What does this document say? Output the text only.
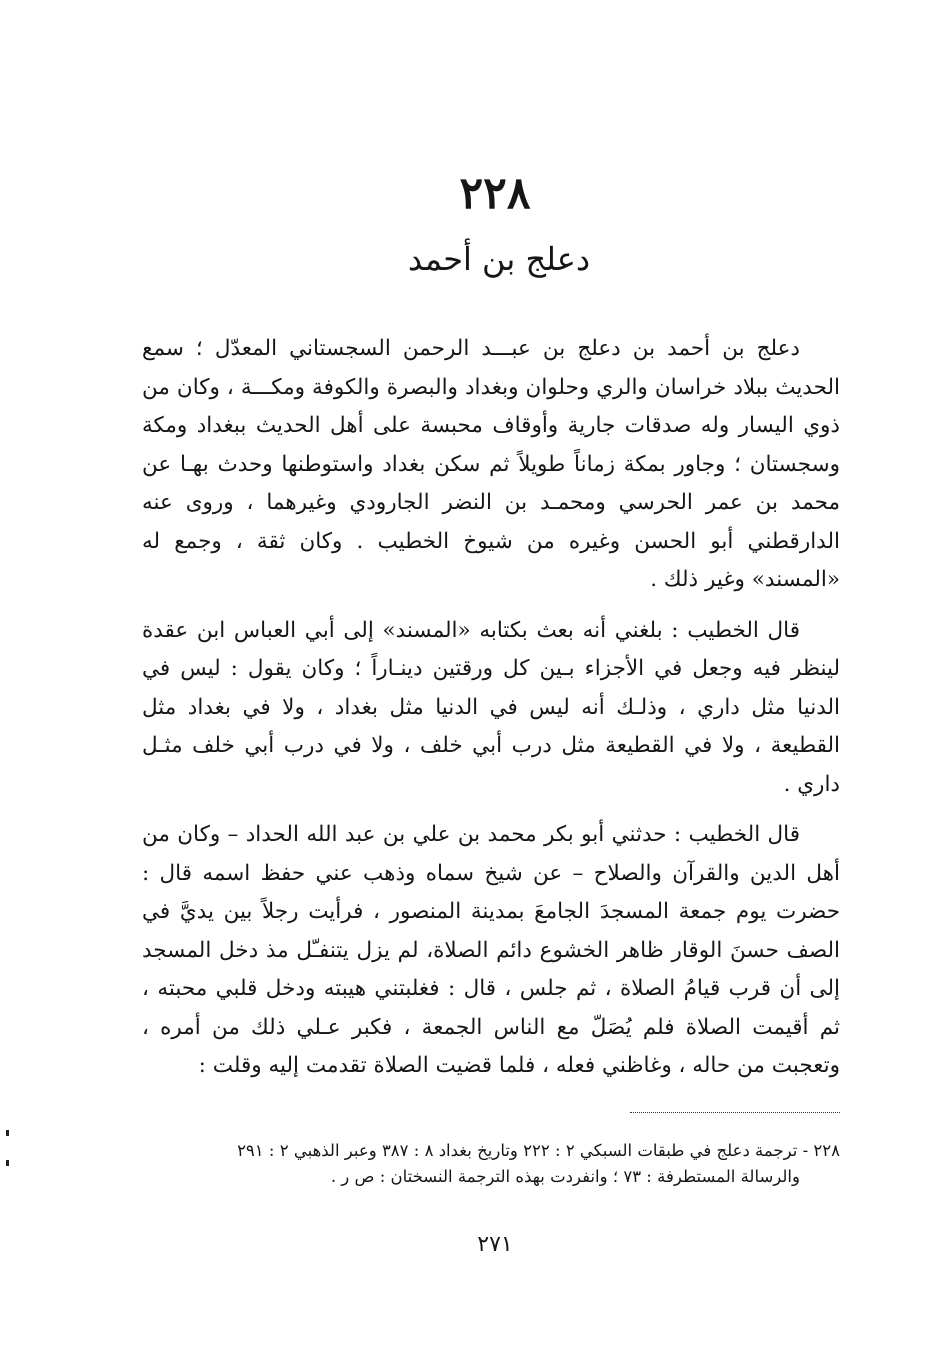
٢٢٨
دعلج بن أحمد

دعلج بن أحمد بن دعلج بن عبـــد الرحمن السجستاني المعدّل ؛ سمع الحديث ببلاد خراسان والري وحلوان وبغداد والبصرة والكوفة ومكـــة ، وكان من ذوي اليسار وله صدقات جارية وأوقاف محبسة على أهل الحديث ببغداد ومكة وسجستان ؛ وجاور بمكة زماناً طويلاً ثم سكن بغداد واستوطنها وحدث بهـا عن محمد بن عمر الحرسي ومحمـد بن النضر الجارودي وغيرهما ، وروى عنه الدارقطني أبو الحسن وغيره من شيوخ الخطيب . وكان ثقة ، وجمع له «المسند» وغير ذلك .

قال الخطيب : بلغني أنه بعث بكتابه «المسند» إلى أبي العباس ابن عقدة لينظر فيه وجعل في الأجزاء بـين كل ورقتين دينـاراً ؛ وكان يقول : ليس في الدنيا مثل داري ، وذلـك أنه ليس في الدنيا مثل بغداد ، ولا في بغداد مثل القطيعة ، ولا في القطيعة مثل درب أبي خلف ، ولا في درب أبي خلف مثـل داري .

قال الخطيب : حدثني أبو بكر محمد بن علي بن عبد الله الحداد – وكان من أهل الدين والقرآن والصلاح – عن شيخ سماه وذهب عني حفظ اسمه قال : حضرت يوم جمعة المسجدَ الجامعَ بمدينة المنصور ، فرأيت رجلاً بين يديَّ في الصف حسنَ الوقار ظاهر الخشوع دائم الصلاة، لم يزل يتنفـّل مذ دخل المسجد إلى أن قرب قيامُ الصلاة ، ثم جلس ، قال : فغلبتني هيبته ودخل قلبي محبته ، ثم أقيمت الصلاة فلم يُصَلّ مع الناس الجمعة ، فكبر عـلي ذلك من أمره ، وتعجبت من حاله ، وغاظني فعله ، فلما قضيت الصلاة تقدمت إليه وقلت :

٢٢٨ - ترجمة دعلج في طبقات السبكي ٢ : ٢٢٢ وتاريخ بغداد ٨ : ٣٨٧ وعبر الذهبي ٢ : ٢٩١
والرسالة المستطرفة : ٧٣ ؛ وانفردت بهذه الترجمة النسختان : ص ر .
٢٧١
